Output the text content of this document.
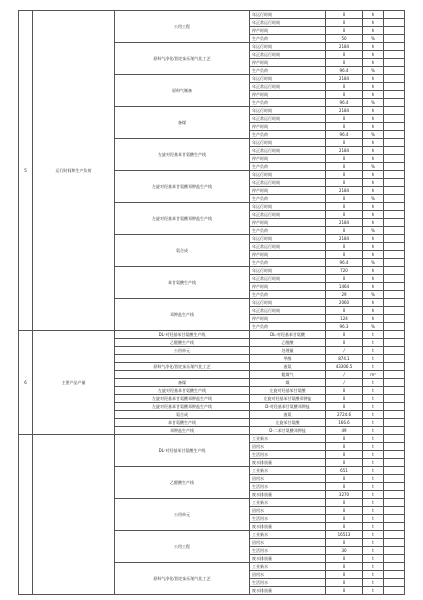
5	运行时间和生产负荷	公用工程	年运行时间	0	h	
			年正常运行时间	0	h	
			停产时间	0	h	
			生产负荷	50	%	
		原料气净化/固定床压缩气化工艺	年运行时间	2184	h	
			年正常运行时间	0	h	
			停产时间	0	h	
			生产负荷	96.4	%	
		原料气制备	年运行时间	2184	h	
			年正常运行时间	0	h	
			停产时间	0	h	
			生产负荷	96.4	%	
		备煤	年运行时间	2184	h	
			年正常运行时间	0	h	
			停产时间	0	h	
			生产负荷	96.4	%	
		左旋对羟基苯甘氨酸生产线	年运行时间	0	h	
			年正常运行时间	2184	h	
			停产时间	0	h	
			生产负荷	0	%	
		左旋对羟基苯甘氨酸邓钾盐生产线	年运行时间	0	h	
			年正常运行时间	0	h	
			停产时间	2184	h	
			生产负荷	0	%	
		左旋对羟基苯甘氨酸邓钾盐生产线	年运行时间	0	h	
			年正常运行时间	0	h	
			停产时间	2184	h	
			生产负荷	0	%	
		氨合成	年运行时间	2184	h	
			年正常运行时间	0	h	
			停产时间	0	h	
			生产负荷	96.4	%	
		苯甘氨酸生产线	年运行时间	720	h	
			年正常运行时间	0	h	
			停产时间	1464	h	
			生产负荷	29	%	
		邓钾盐生产线	年运行时间	2060	h	
			年正常运行时间	0	h	
			停产时间	124	h	
			生产负荷	96.3	%	
6	主要产品产量	DL-对羟基苯甘氨酸生产线	DL-对羟基苯甘氨酸	0	t	
		乙醛酸生产线	乙醛酸	0	t	
		公用单元	处理量	/	t	
			甲醇	874.1	t	
		原料气净化/固定床压缩气化工艺	液氨	43306.5	t	
			粗煤气	/	m³	
		备煤	煤	/	t	
		左旋对羟基苯甘氨酸生产线	左旋对羟基苯甘氨酸	0	t	
		左旋对羟基苯甘氨酸邓钾盐生产线	左旋对羟基苯甘氨酸邓钾盐	0	t	
		左旋对羟基苯甘氨酸邓钾盐生产线	D-对羟基苯甘氨酸邓钾盐	0	t	
		氨合成	液氨	2724.6	t	
		苯甘氨酸生产线	左旋苯甘氨酸	166.6	t	
		邓钾盐生产线	D-二苯甘氨酸邓钾盐	49	t	
		DL-对羟基苯甘氨酸生产线	工业新水	0	t	
			回用水	0	t	
			生活用水	0	t	
			废水排放量	0	t	
		乙醛酸生产线	工业新水	651	t	
			回用水	0	t	
			生活用水	0	t	
			废水排放量	3270	t	
		公用单元	工业新水	0	t	
			回用水	0	t	
			生活用水	0	t	
			废水排放量	0	t	
		公用工程	工业新水	16513	t	
			回用水	0	t	
			生活用水	30	t	
			废水排放量	0	t	
		原料气净化/固定床压缩气化工艺	工业新水	0	t	
			回用水	0	t	
			生活用水	0	t	
			废水排放量	0	t	
